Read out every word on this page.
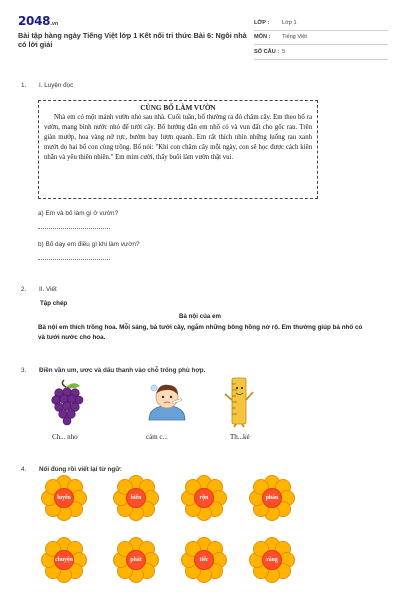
2048.vn
Bài tập hàng ngày Tiếng Việt lớp 1 Kết nối tri thức Bài 6: Ngôi nhà có lời giải
LỚP :	Lớp 1
MÔN :	Tiếng Việt
SỐ CÂU : 5
1. I. Luyện đọc
CÙNG BỐ LÀM VƯỜN
Nhà em có một mảnh vườn nhỏ sau nhà. Cuối tuần, bố thường ra đó chăm cây. Em theo bố ra vườn, mang bình nước nhỏ để tưới cây. Bố hướng dẫn em nhổ cỏ và vun đất cho gốc rau. Trên giàn mướp, hoa vàng nở rực, bướm bay lượn quanh. Em rất thích nhìn những luống rau xanh mướt do hai bố con cùng trồng. Bố nói: "Khi con chăm cây mỗi ngày, con sẽ học được cách kiên nhẫn và yêu thiên nhiên." Em mỉm cười, thấy buổi làm vườn thật vui.
a) Em và bố làm gì ở vườn?
b) Bố dạy em điều gì khi làm vườn?
2. II. Viết
Tập chép
Bà nội của em
Bà nội em thích trồng hoa. Mỗi sáng, bà tưới cây, ngắm những bông hồng nở rộ. Em thường giúp bà nhổ cỏ và tưới nước cho hoa.
3. Điền vần um, ươc và dấu thanh vào chỗ trống phù hợp.
Ch... nho	cảm c...	Th...kẻ
4. Nối đúng rồi viết lại từ ngữ:
luyến	biến	rộn	phán
chuyện	phát	tiếc	ràng
